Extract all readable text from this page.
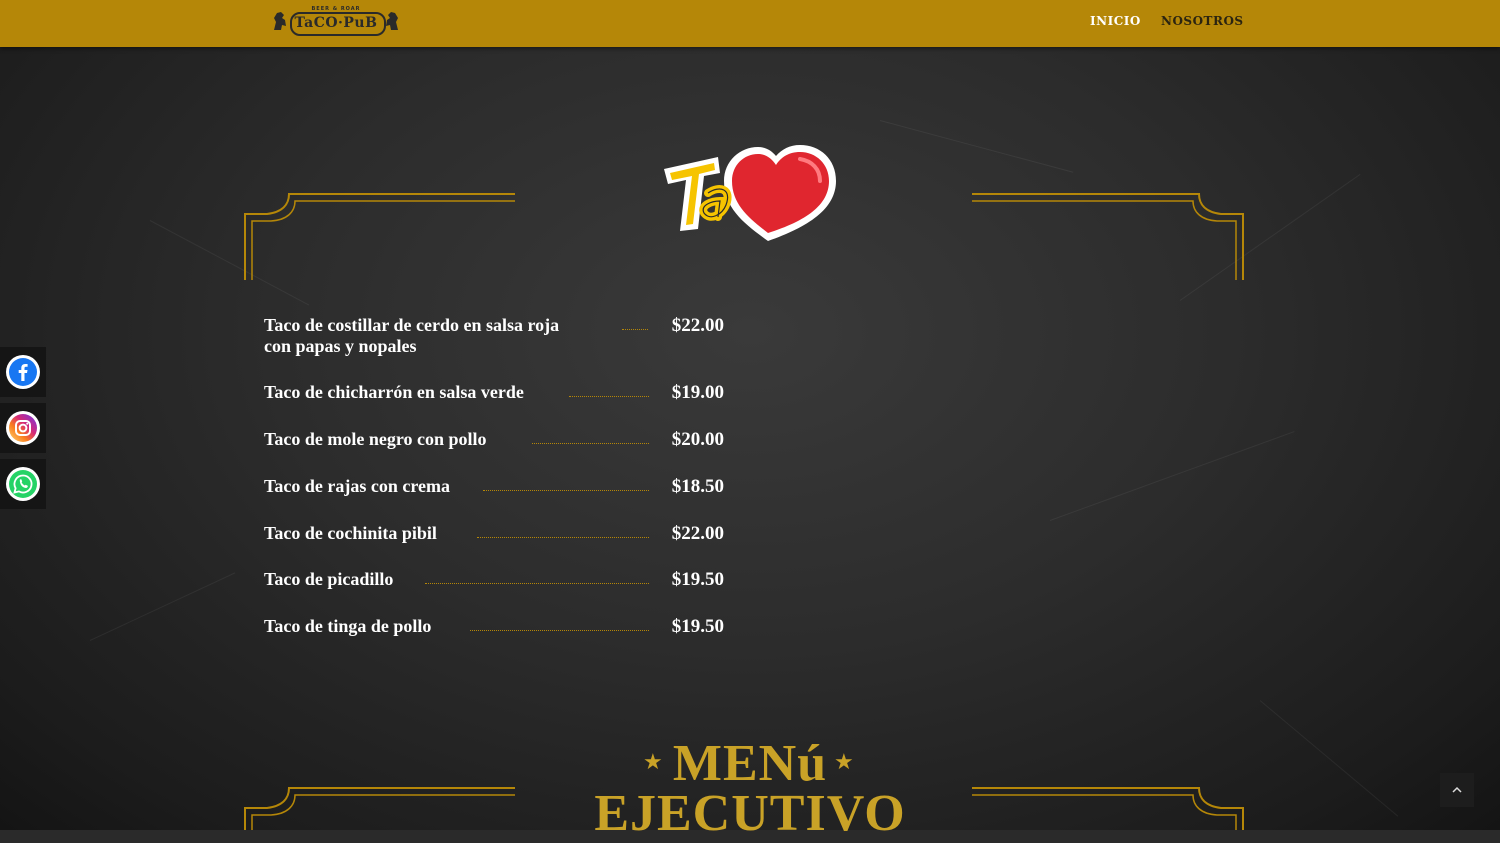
BEER & ROAR
TaCO·PuB	INICIO NOSOTROS
Taco de costillar de cerdo en salsa roja
con papas y nopales
$22.00
Taco de chicharrón en salsa verde	$19.00
Taco de mole negro con pollo	$20.00
Taco de rajas con crema	$18.50
Taco de cochinita pibil	$22.00
Taco de picadillo	$19.50
Taco de tinga de pollo	$19.50
★	★
MENú
EJECUTIVO
